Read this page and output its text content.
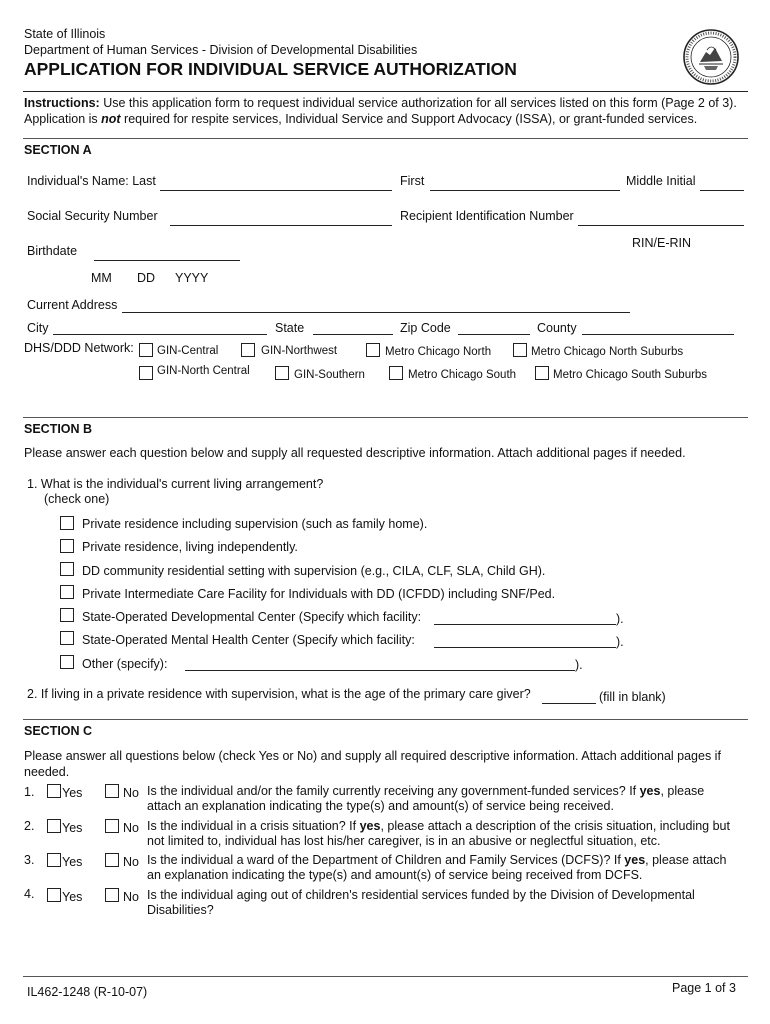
State of Illinois
Department of Human Services - Division of Developmental Disabilities
APPLICATION FOR INDIVIDUAL SERVICE AUTHORIZATION
Instructions: Use this application form to request individual service authorization for all services listed on this form (Page 2 of 3).
Application is not required for respite services, Individual Service and Support Advocacy (ISSA), or grant-funded services.
SECTION A
Individual's Name: Last	First	Middle Initial
Social Security Number	Recipient Identification Number
RIN/E-RIN
Birthdate
MM DD YYYY
Current Address
City	State	Zip Code	County
DHS/DDD Network: GIN-Central	GIN-Northwest	Metro Chicago North	Metro Chicago North Suburbs
GIN-North Central	GIN-Southern	Metro Chicago South	Metro Chicago South Suburbs
SECTION B
Please answer each question below and supply all requested descriptive information. Attach additional pages if needed.
1. What is the individual's current living arrangement?
(check one)
Private residence including supervision (such as family home).
Private residence, living independently.
DD community residential setting with supervision (e.g., CILA, CLF, SLA, Child GH).
Private Intermediate Care Facility for Individuals with DD (ICFDD) including SNF/Ped.
State-Operated Developmental Center (Specify which facility:	).
State-Operated Mental Health Center (Specify which facility:	).
Other (specify):	).
2. If living in a private residence with supervision, what is the age of the primary care giver?	(fill in blank)
SECTION C
Please answer all questions below (check Yes or No) and supply all required descriptive information. Attach additional pages if
needed.
1. Yes	No Is the individual and/or the family currently receiving any government-funded services? If yes, please
attach an explanation indicating the type(s) and amount(s) of service being received.
2. Yes	No Is the individual in a crisis situation? If yes, please attach a description of the crisis situation, including but
not limited to, individual has lost his/her caregiver, is in an abusive or neglectful situation, etc.
3. Yes	No Is the individual a ward of the Department of Children and Family Services (DCFS)? If yes, please attach
an explanation indicating the type(s) and amount(s) of service being received from DCFS.
4. Yes	No Is the individual aging out of children's residential services funded by the Division of Developmental
Disabilities?
IL462-1248 (R-10-07)	Page 1 of 3
